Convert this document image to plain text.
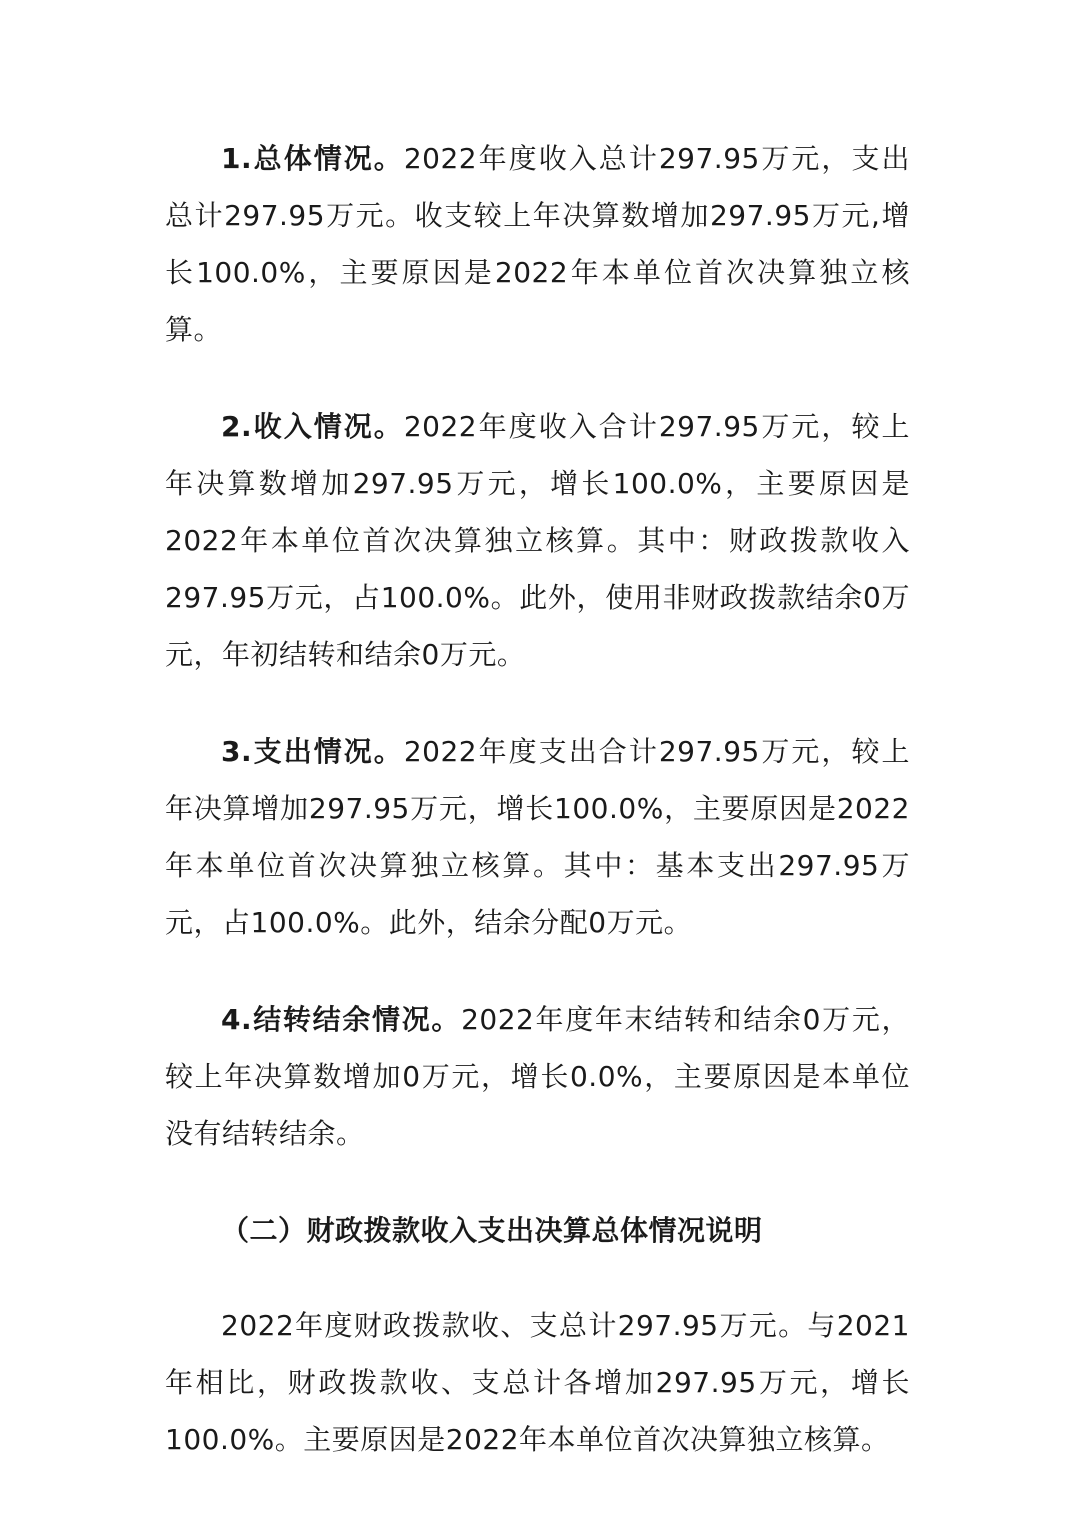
1.总体情况。2022年度收入总计297.95万元，支出总计297.95万元。收支较上年决算数增加297.95万元,增长100.0%，主要原因是2022年本单位首次决算独立核算。

2.收入情况。2022年度收入合计297.95万元，较上年决算数增加297.95万元，增长100.0%，主要原因是2022年本单位首次决算独立核算。其中：财政拨款收入297.95万元，占100.0%。此外，使用非财政拨款结余0万元，年初结转和结余0万元。

3.支出情况。2022年度支出合计297.95万元，较上年决算增加297.95万元，增长100.0%，主要原因是2022年本单位首次决算独立核算。其中：基本支出297.95万元，占100.0%。此外，结余分配0万元。

4.结转结余情况。2022年度年末结转和结余0万元，较上年决算数增加0万元，增长0.0%，主要原因是本单位没有结转结余。

（二）财政拨款收入支出决算总体情况说明

2022年度财政拨款收、支总计297.95万元。与2021年相比，财政拨款收、支总计各增加297.95万元，增长100.0%。主要原因是2022年本单位首次决算独立核算。
